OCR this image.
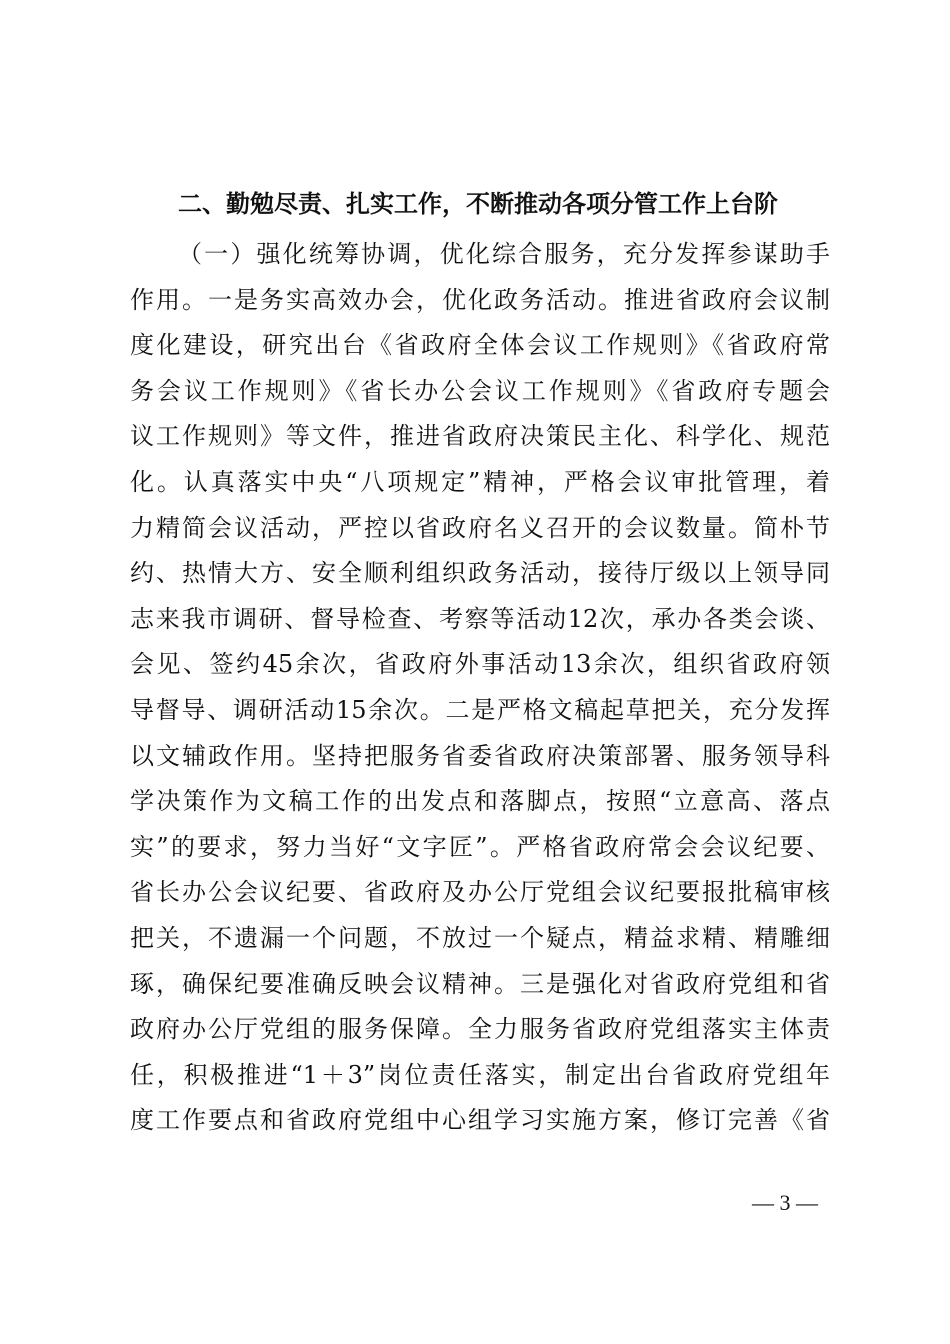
二、勤勉尽责、扎实工作，不断推动各项分管工作上台阶
（一）强化统筹协调，优化综合服务，充分发挥参谋助手
作用。一是务实高效办会，优化政务活动。推进省政府会议制
度化建设，研究出台《省政府全体会议工作规则》《省政府常
务会议工作规则》《省长办公会议工作规则》《省政府专题会
议工作规则》等文件，推进省政府决策民主化、科学化、规范
化。认真落实中央“八项规定”精神，严格会议审批管理，着
力精简会议活动，严控以省政府名义召开的会议数量。简朴节
约、热情大方、安全顺利组织政务活动，接待厅级以上领导同
志来我市调研、督导检查、考察等活动12次，承办各类会谈、
会见、签约45余次，省政府外事活动13余次，组织省政府领
导督导、调研活动15余次。二是严格文稿起草把关，充分发挥
以文辅政作用。坚持把服务省委省政府决策部署、服务领导科
学决策作为文稿工作的出发点和落脚点，按照“立意高、落点
实”的要求，努力当好“文字匠”。严格省政府常会会议纪要、
省长办公会议纪要、省政府及办公厅党组会议纪要报批稿审核
把关，不遗漏一个问题，不放过一个疑点，精益求精、精雕细
琢，确保纪要准确反映会议精神。三是强化对省政府党组和省
政府办公厅党组的服务保障。全力服务省政府党组落实主体责
任，积极推进“1＋3”岗位责任落实，制定出台省政府党组年
度工作要点和省政府党组中心组学习实施方案，修订完善《省
— 3 —
